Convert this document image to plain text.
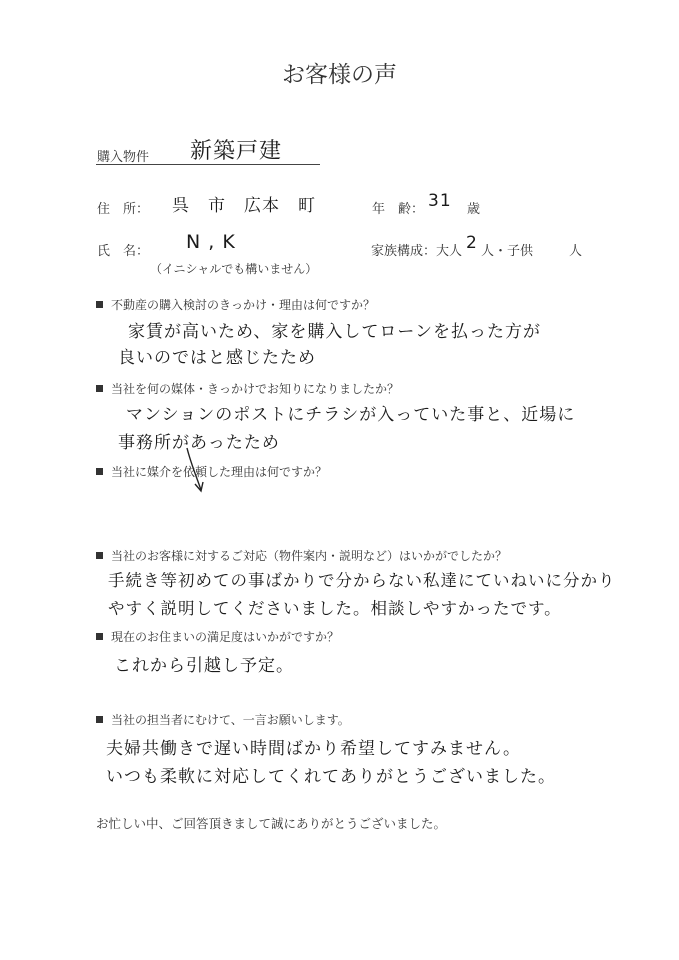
お客様の声
購入物件 新築戸建
住　所： 呉　市　広本　町	年　齢： 31 歳
氏　名： N , K
（イニシャルでも構いません）
家族構成：大人 2 人・子供	人
不動産の購入検討のきっかけ・理由は何ですか？
家賃が高いため、家を購入してローンを払った方が
良いのではと感じたため
当社を何の媒体・きっかけでお知りになりましたか？
マンションのポストにチラシが入っていた事と、近場に
事務所があったため
当社に媒介を依頼した理由は何ですか？
当社のお客様に対するご対応（物件案内・説明など）はいかがでしたか？
手続き等初めての事ばかりで分からない私達にていねいに分かり
やすく説明してくださいました。相談しやすかったです。
現在のお住まいの満足度はいかがですか？
これから引越し予定。
当社の担当者にむけて、一言お願いします。
夫婦共働きで遅い時間ばかり希望してすみません。
いつも柔軟に対応してくれてありがとうございました。
お忙しい中、ご回答頂きまして誠にありがとうございました。
